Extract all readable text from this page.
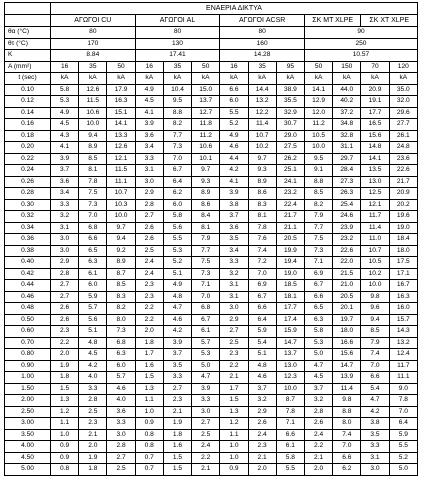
	ΕΝΑΕΡΙΑ ΔΙΚΤΥΑ												
	ΑΓΩΓΟΙ CU			ΑΓΩΓΟΙ AL			ΑΓΩΓΟΙ ACSR			ΣΚ ΜΤ XLPE		ΣΚ ΧΤ XLPE	
θα (°C)	80			80			80			90			
θτ (°C)	170			130			160			250			
K	8.84			17.41			14.28			10.57			
A (mm²)	16	35	50	16	35	50	16	35	95	50	150	70	120
t (sec)	kA	kA	kA	kA	kA	kA	kA	kA	kA	kA	kA	kA	kA
0.10	5.8	12.6	17.9	4.9	10.4	15.0	6.6	14.4	38.9	14.1	44.0	20.9	35.0
0.12	5.3	11.5	16.3	4.5	9.5	13.7	6.0	13.2	35.5	12.9	40.2	19.1	32.0
0.14	4.9	10.6	15.1	4.1	8.8	12.7	5.5	12.2	32.9	12.0	37.2	17.7	29.6
0.16	4.5	10.0	14.1	3.9	8.2	11.8	5.2	11.4	30.7	11.2	34.8	16.5	27.7
0.18	4.3	9.4	13.3	3.6	7.7	11.2	4.9	10.7	29.0	10.5	32.8	15.6	26.1
0.20	4.1	8.9	12.6	3.4	7.3	10.6	4.6	10.2	27.5	10.0	31.1	14.8	24.8
0.22	3.9	8.5	12.1	3.3	7.0	10.1	4.4	9.7	26.2	9.5	29.7	14.1	23.6
0.24	3.7	8.1	11.5	3.1	6.7	9.7	4.2	9.3	25.1	9.1	28.4	13.5	22.6
0.26	3.6	7.8	11.1	3.0	6.4	9.3	4.1	8.9	24.1	8.8	27.3	13.0	21.7
0.28	3.4	7.5	10.7	2.9	6.2	8.9	3.9	8.6	23.2	8.5	26.3	12.5	20.9
0.30	3.3	7.3	10.3	2.8	6.0	8.6	3.8	8.3	22.4	8.2	25.4	12.1	20.2
0.32	3.2	7.0	10.0	2.7	5.8	8.4	3.7	8.1	21.7	7.9	24.6	11.7	19.6
0.34	3.1	6.8	9.7	2.6	5.6	8.1	3.6	7.8	21.1	7.7	23.9	11.4	19.0
0.36	3.0	6.6	9.4	2.6	5.5	7.9	3.5	7.6	20.5	7.5	23.2	11.0	18.4
0.38	3.0	6.5	9.2	2.5	5.3	7.7	3.4	7.4	19.9	7.3	22.6	10.7	18.0
0.40	2.9	6.3	8.9	2.4	5.2	7.5	3.3	7.2	19.4	7.1	22.0	10.5	17.5
0.42	2.8	6.1	8.7	2.4	5.1	7.3	3.2	7.0	19.0	6.9	21.5	10.2	17.1
0.44	2.7	6.0	8.5	2.3	4.9	7.1	3.1	6.9	18.5	6.7	21.0	10.0	16.7
0.46	2.7	5.9	8.3	2.3	4.8	7.0	3.1	6.7	18.1	6.6	20.5	9.8	16.3
0.48	2.6	5.7	8.2	2.2	4.7	6.8	3.0	6.6	17.7	6.5	20.1	9.6	16.0
0.50	2.6	5.6	8.0	2.2	4.6	6.7	2.9	6.4	17.4	6.3	19.7	9.4	15.7
0.60	2.3	5.1	7.3	2.0	4.2	6.1	2.7	5.9	15.9	5.8	18.0	8.5	14.3
0.70	2.2	4.8	6.8	1.8	3.9	5.7	2.5	5.4	14.7	5.3	16.6	7.9	13.2
0.80	2.0	4.5	6.3	1.7	3.7	5.3	2.3	5.1	13.7	5.0	15.6	7.4	12.4
0.90	1.9	4.2	6.0	1.6	3.5	5.0	2.2	4.8	13.0	4.7	14.7	7.0	11.7
1.00	1.8	4.0	5.7	1.5	3.3	4.7	2.1	4.6	12.3	4.5	13.9	6.6	11.1
1.50	1.5	3.3	4.6	1.3	2.7	3.9	1.7	3.7	10.0	3.7	11.4	5.4	9.0
2.00	1.3	2.8	4.0	1.1	2.3	3.3	1.5	3.2	8.7	3.2	9.8	4.7	7.8
2.50	1.2	2.5	3.6	1.0	2.1	3.0	1.3	2.9	7.8	2.8	8.8	4.2	7.0
3.00	1.1	2.3	3.3	0.9	1.9	2.7	1.2	2.6	7.1	2.6	8.0	3.8	6.4
3.50	1.0	2.1	3.0	0.8	1.8	2.5	1.1	2.4	6.6	2.4	7.4	3.5	5.9
4.00	0.9	2.0	2.8	0.8	1.6	2.4	1.0	2.3	6.1	2.2	7.0	3.3	5.5
4.50	0.9	1.9	2.7	0.7	1.5	2.2	1.0	2.1	5.8	2.1	6.6	3.1	5.2
5.00	0.8	1.8	2.5	0.7	1.5	2.1	0.9	2.0	5.5	2.0	6.2	3.0	5.0
